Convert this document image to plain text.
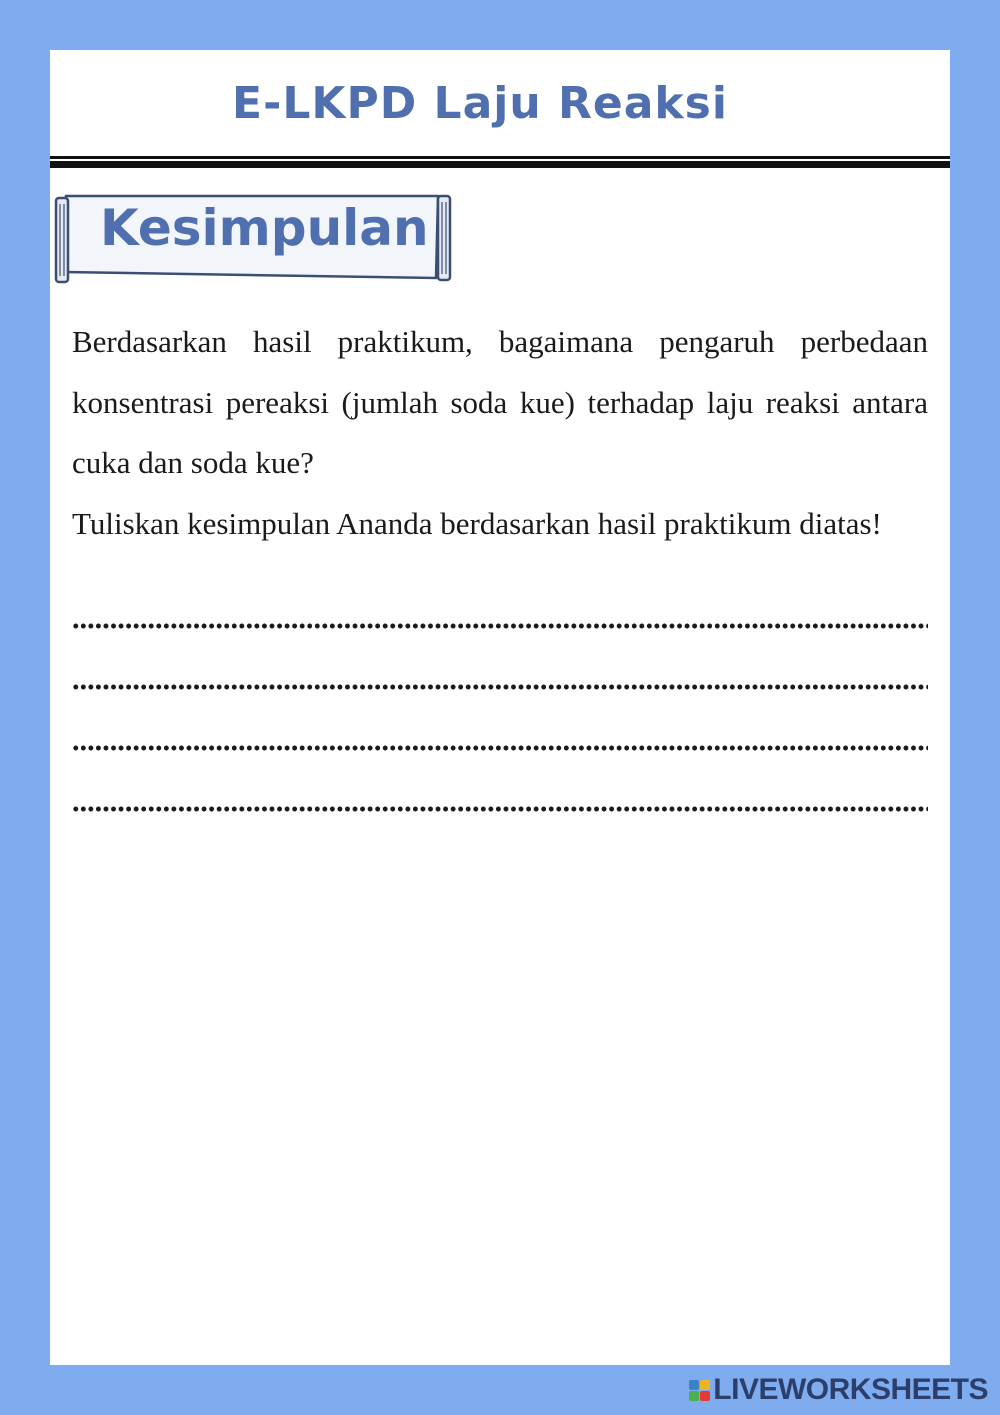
E-LKPD Laju Reaksi
Kesimpulan

Berdasarkan hasil praktikum, bagaimana pengaruh perbedaan konsentrasi pereaksi (jumlah soda kue) terhadap laju reaksi antara cuka dan soda kue?

Tuliskan kesimpulan Ananda berdasarkan hasil praktikum diatas!

LIVEWORKSHEETS
